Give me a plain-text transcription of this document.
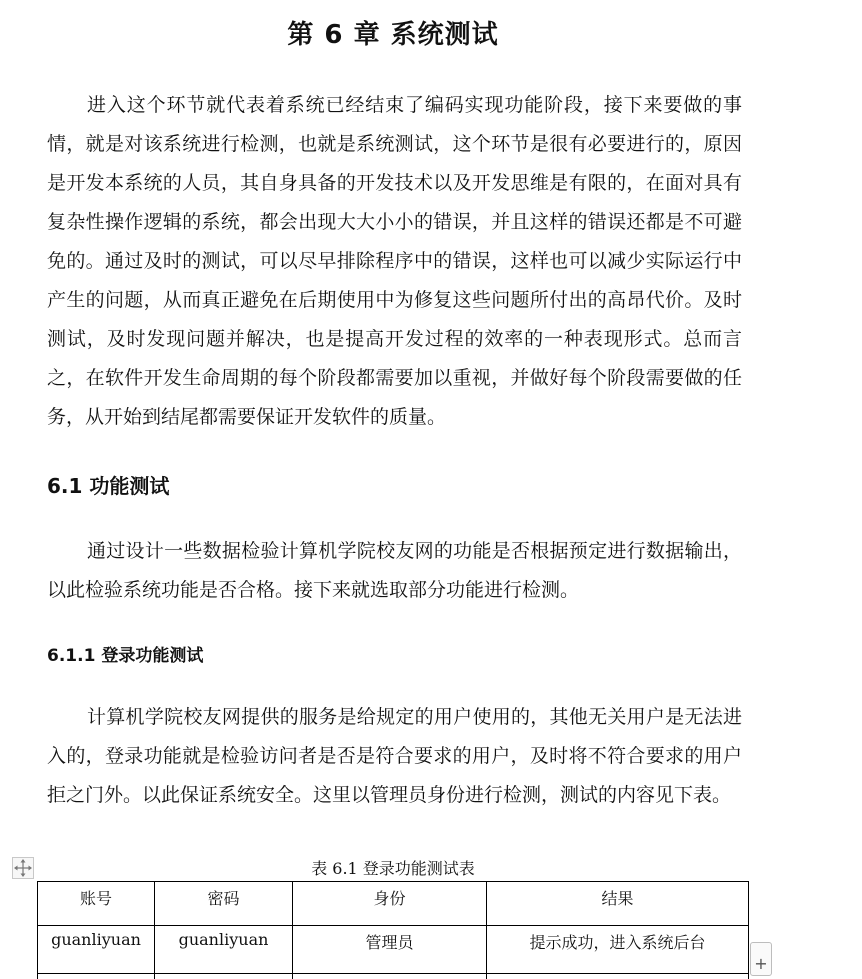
第 6 章 系统测试

进入这个环节就代表着系统已经结束了编码实现功能阶段，接下来要做的事情，就是对该系统进行检测，也就是系统测试，这个环节是很有必要进行的，原因是开发本系统的人员，其自身具备的开发技术以及开发思维是有限的，在面对具有复杂性操作逻辑的系统，都会出现大大小小的错误，并且这样的错误还都是不可避免的。通过及时的测试，可以尽早排除程序中的错误，这样也可以减少实际运行中产生的问题，从而真正避免在后期使用中为修复这些问题所付出的高昂代价。及时测试，及时发现问题并解决，也是提高开发过程的效率的一种表现形式。总而言之，在软件开发生命周期的每个阶段都需要加以重视，并做好每个阶段需要做的任务，从开始到结尾都需要保证开发软件的质量。

6.1 功能测试

通过设计一些数据检验计算机学院校友网的功能是否根据预定进行数据输出，以此检验系统功能是否合格。接下来就选取部分功能进行检测。

6.1.1 登录功能测试

计算机学院校友网提供的服务是给规定的用户使用的，其他无关用户是无法进入的，登录功能就是检验访问者是否是符合要求的用户，及时将不符合要求的用户拒之门外。以此保证系统安全。这里以管理员身份进行检测，测试的内容见下表。

表 6.1 登录功能测试表
账号	密码	身份	结果
guanliyuan	guanliyuan	管理员	提示成功，进入系统后台

+
